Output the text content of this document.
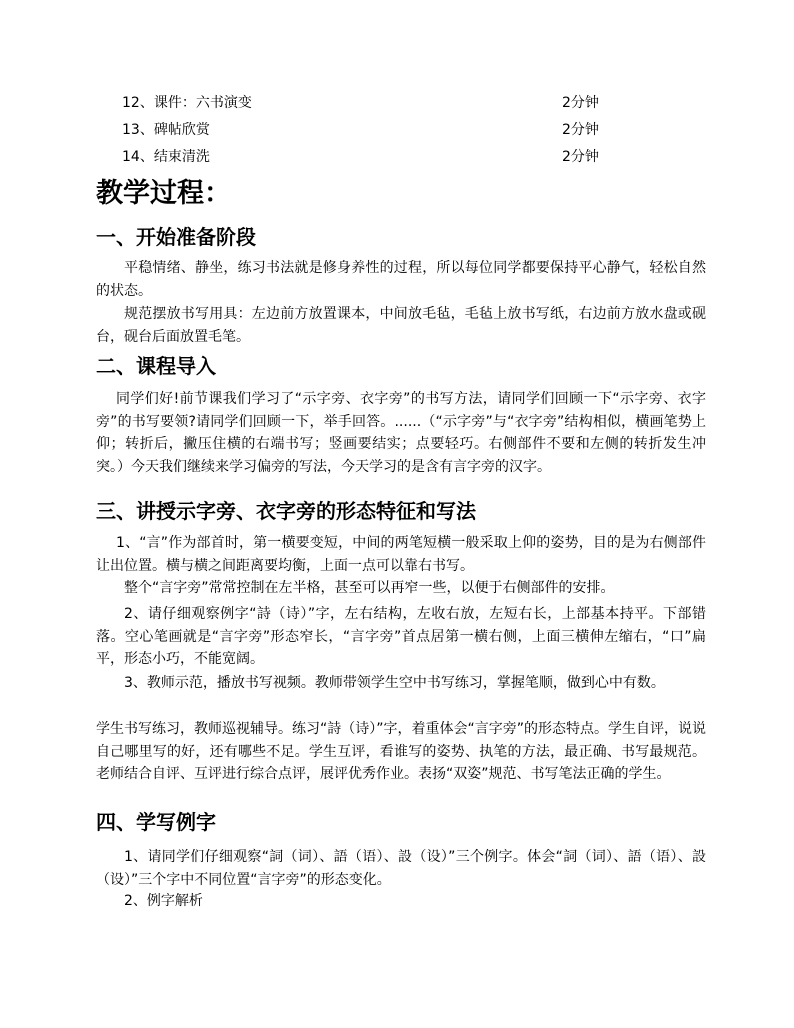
12、课件：六书演变	2分钟
13、碑帖欣赏	2分钟
14、结束清洗	2分钟
教学过程：
一、开始准备阶段

平稳情绪、静坐，练习书法就是修身养性的过程，所以每位同学都要保持平心静气，轻松自然的状态。

规范摆放书写用具：左边前方放置课本，中间放毛毡，毛毡上放书写纸，右边前方放水盘或砚台，砚台后面放置毛笔。

二、课程导入

同学们好!前节课我们学习了“示字旁、衣字旁”的书写方法，请同学们回顾一下“示字旁、衣字旁”的书写要领?请同学们回顾一下，举手回答。......（“示字旁”与“衣字旁”结构相似，横画笔势上仰；转折后，撇压住横的右端书写；竖画要结实；点要轻巧。右侧部件不要和左侧的转折发生冲突。）今天我们继续来学习偏旁的写法，今天学习的是含有言字旁的汉字。

三、讲授示字旁、衣字旁的形态特征和写法

1、“言”作为部首时，第一横要变短，中间的两笔短横一般采取上仰的姿势，目的是为右侧部件让出位置。横与横之间距离要均衡，上面一点可以靠右书写。

整个“言字旁”常常控制在左半格，甚至可以再窄一些，以便于右侧部件的安排。

2、请仔细观察例字“詩（诗）”字，左右结构，左收右放，左短右长，上部基本持平。下部错落。空心笔画就是“言字旁”形态窄长，“言字旁”首点居第一横右侧，上面三横伸左缩右，“口”扁平，形态小巧，不能宽阔。

3、教师示范，播放书写视频。教师带领学生空中书写练习，掌握笔顺，做到心中有数。

学生书写练习，教师巡视辅导。练习“詩（诗）”字，着重体会“言字旁”的形态特点。学生自评，说说自己哪里写的好，还有哪些不足。学生互评，看谁写的姿势、执笔的方法，最正确、书写最规范。老师结合自评、互评进行综合点评，展评优秀作业。表扬“双姿”规范、书写笔法正确的学生。

四、学写例字

1、请同学们仔细观察“詞（词）、語（语）、設（设）”三个例字。体会“詞（词）、語（语）、設（设）”三个字中不同位置“言字旁”的形态变化。

2、例字解析
